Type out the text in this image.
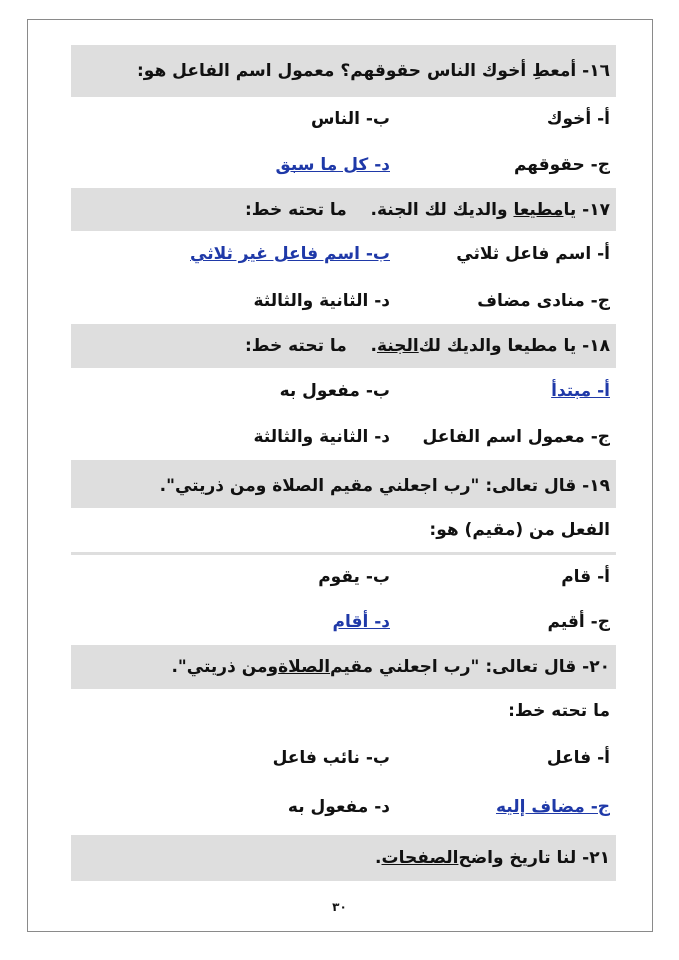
١٦-

أمعطِ أخوك الناس حقوقهم؟ معمول اسم الفاعل هو:
أ- أخوك
ب- الناس
ج- حقوقهم
د- كل ما سبق
١٧-

يا
مطيعا
والديك لك الجنة.    ما تحته خط:
أ- اسم فاعل ثلاثي
ب- اسم فاعل غير ثلاثي
ج- منادى مضاف
د- الثانية والثالثة
١٨-

يا مطيعا والديك لك
الجنة
.    ما تحته خط:
أ- مبتدأ
ب- مفعول به
ج- معمول اسم الفاعل
د- الثانية والثالثة
١٩-

قال تعالى: "رب اجعلني مقيم الصلاة ومن ذريتي".
الفعل من (مقيم) هو:
أ- قام
ب- يقوم
ج- أقيم
د- أقام
٢٠-

قال تعالى: "رب اجعلني مقيم
الصلاة
ومن ذريتي".
ما تحته خط:
أ- فاعل
ب- نائب فاعل
ج- مضاف إليه
د- مفعول به
٢١-

لنا تاريخ واضح
الصفحات
.
٣٠
